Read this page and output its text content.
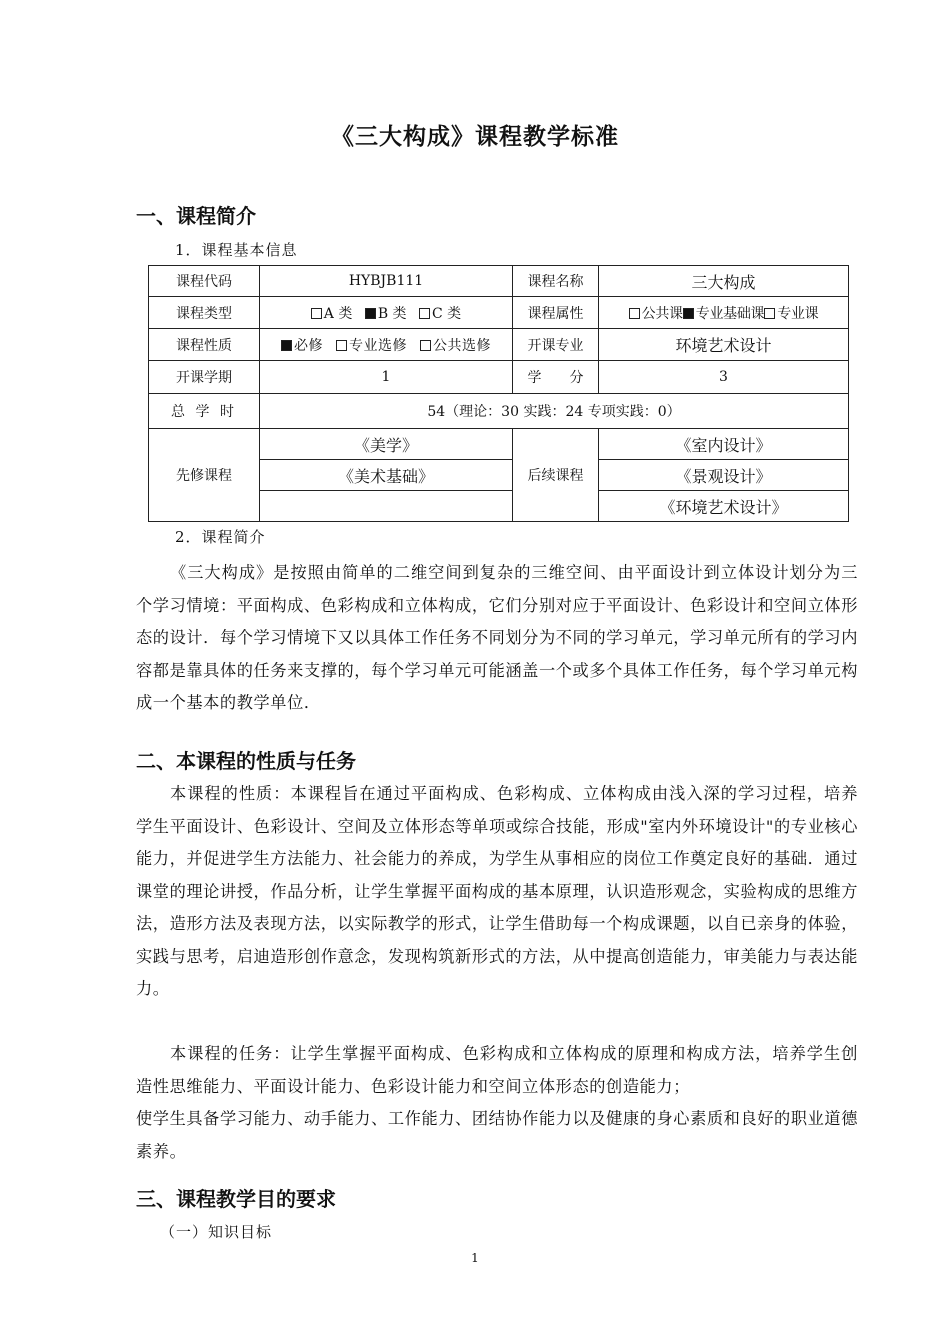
《三大构成》课程教学标准
一、课程简介
1．课程基本信息
课程代码	HYBJB111	课程名称	三大构成
课程类型	A 类 B 类 C 类	课程属性	公共课 专业基础课 专业课
课程性质	必修 专业选修 公共选修	开课专业	环境艺术设计
开课学期	1	学　　分	3
总 学 时	54（理论：30 实践：24 专项实践：0）		
先修课程	《美学》	后续课程	《室内设计》
	《美术基础》		《景观设计》
			《环境艺术设计》
2．课程简介

《三大构成》是按照由简单的二维空间到复杂的三维空间、由平面设计到立体设计划分为三个学习情境：平面构成、色彩构成和立体构成，它们分别对应于平面设计、色彩设计和空间立体形态的设计．每个学习情境下又以具体工作任务不同划分为不同的学习单元，学习单元所有的学习内容都是靠具体的任务来支撑的，每个学习单元可能涵盖一个或多个具体工作任务，每个学习单元构成一个基本的教学单位．

二、本课程的性质与任务

本课程的性质：本课程旨在通过平面构成、色彩构成、立体构成由浅入深的学习过程，培养学生平面设计、色彩设计、空间及立体形态等单项或综合技能，形成"室内外环境设计"的专业核心能力，并促进学生方法能力、社会能力的养成，为学生从事相应的岗位工作奠定良好的基础．通过课堂的理论讲授，作品分析，让学生掌握平面构成的基本原理，认识造形观念，实验构成的思维方法，造形方法及表现方法，以实际教学的形式，让学生借助每一个构成课题，以自已亲身的体验，实践与思考，启迪造形创作意念，发现构筑新形式的方法，从中提高创造能力，审美能力与表达能力。

本课程的任务：让学生掌握平面构成、色彩构成和立体构成的原理和构成方法，培养学生创造性思维能力、平面设计能力、色彩设计能力和空间立体形态的创造能力；

使学生具备学习能力、动手能力、工作能力、团结协作能力以及健康的身心素质和良好的职业道德素养。

三、课程教学目的要求
（一）知识目标
1
